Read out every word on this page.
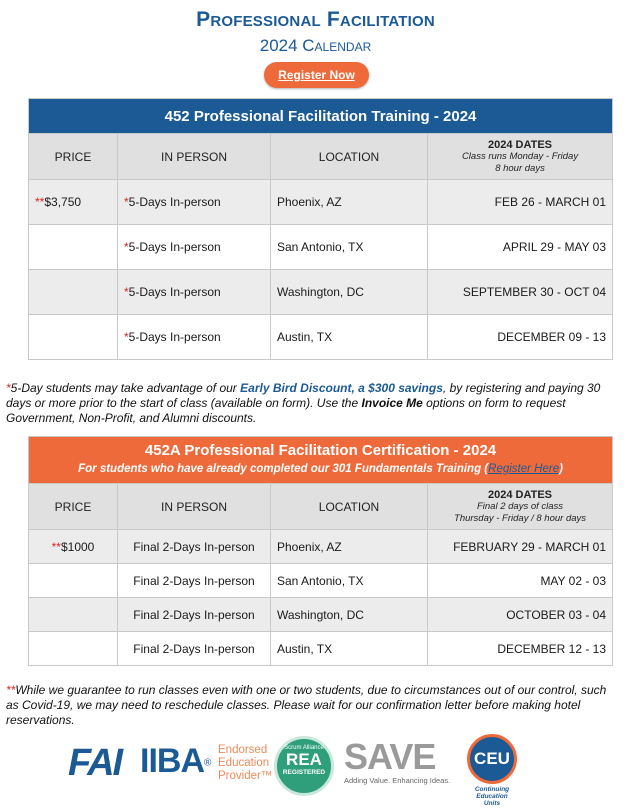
Professional Facilitation
2024 Calendar
Register Now
452 Professional Facilitation Training - 2024			
PRICE	IN PERSON	LOCATION	2024 DATES
Class runs Monday - Friday
8 hour days

**$3,750	*5-Days In-person	Phoenix, AZ	FEB 26 - MARCH 01
	*5-Days In-person	San Antonio, TX	APRIL 29 - MAY 03
	*5-Days In-person	Washington, DC	SEPTEMBER 30 - OCT 04
	*5-Days In-person	Austin, TX	DECEMBER 09 - 13
*5-Day students may take advantage of our Early Bird Discount, a $300 savings, by registering and paying 30 days or more prior to the start of class (available on form). Use the Invoice Me options on form to request Government, Non-Profit, and Alumni discounts.
452A Professional Facilitation Certification - 2024
For students who have already completed our 301 Fundamentals Training (Register Here)			

PRICE	IN PERSON	LOCATION	2024 DATES
Final 2 days of class
Thursday - Friday / 8 hour days

**$1000	Final 2-Days In-person	Phoenix, AZ	FEBRUARY 29 - MARCH 01
	Final 2-Days In-person	San Antonio, TX	MAY 02 - 03
	Final 2-Days In-person	Washington, DC	OCTOBER 03 - 04
	Final 2-Days In-person	Austin, TX	DECEMBER 12 - 13
**While we guarantee to run classes even with one or two students, due to circumstances out of our control, such as Covid-19, we may need to reschedule classes. Please wait for our confirmation letter before making hotel reservations.
FAI IIBA®
Endorsed
Education
Provider™
Scrum Alliance
REA
REGISTERED SAVE
Adding Value. Enhancing Ideas.
CEU
Continuing
Education
Units
